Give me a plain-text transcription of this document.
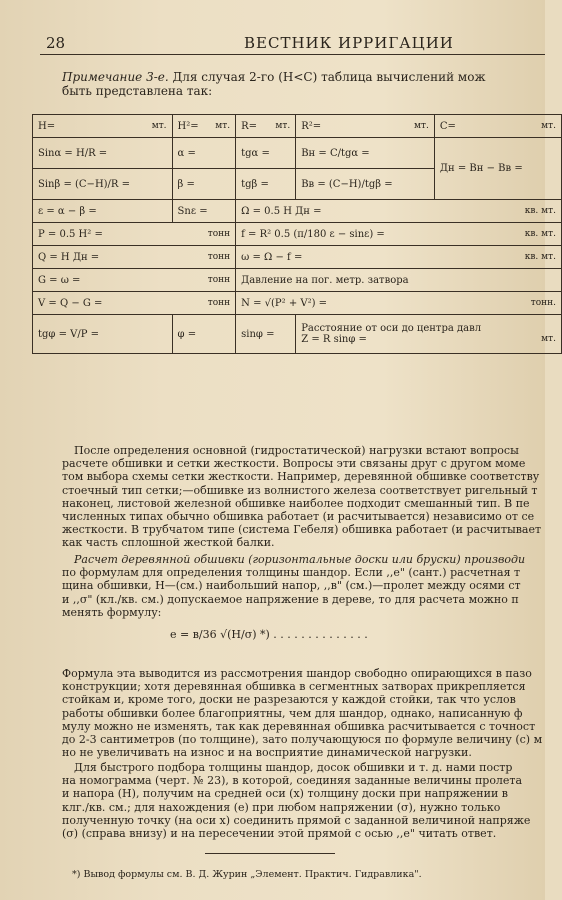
28	ВЕСТНИК ИРРИГАЦИИ
Примечание 3-е. Для случая 2-го (H<C) таблица вычислений мож
быть представлена так:
H= мт.	H²= мт.	R= мт.	R²= мт.	C= мт.

Sinα = H/R =	α =	tgα =	Bн = C/tgα =	Дн = Вн − Вв =
Sinβ = (C−H)/R =	β =	tgβ =	Bв = (C−H)/tgβ =	
ε = α − β =	Snε =	Ω = 0.5 H Дн = кв. мт.		

P = 0.5 H² = тонн		f = R² 0.5 (π/180 ε − sinε) = кв. мт.		

Q = H Дн = тонн		ω = Ω − f = кв. мт.		

G = ω = тонн		Давление на пог. метр. затвора		
V = Q − G = тонн		N = √(P² + V²) = тонн.		

tgφ = V/P =	φ =	sinφ =	Расстояние от оси до центра давл
Z = R sinφ = мт.	
После определения основной (гидростатической) нагрузки встают вопросы
расчете обшивки и сетки жесткости. Вопросы эти связаны друг с другом моме
том выбора схемы сетки жесткости. Например, деревянной обшивке соответству
стоечный тип сетки;—обшивке из волнистого железа соответствует ригельный т
наконец, листовой железной обшивке наиболее подходит смешанный тип. В пе
численных типах обычно обшивка работает (и расчитывается) независимо от се
жесткости. В трубчатом типе (система Гебеля) обшивка работает (и расчитывает
как часть сплошной жесткой балки.
Расчет деревянной обшивки (горизонтальные доски или бруски) производи
по формулам для определения толщины шандор. Если ,,e" (сант.) расчетная т
щина обшивки, H—(см.) наибольший напор, ,,в" (см.)—пролет между осями ст
и ,,σ" (кл./кв. см.) допускаемое напряжение в дереве, то для расчета можно п
менять формулу:
e = в/36 √(H/σ) *) . . . . . . . . . . . . . .
Формула эта выводится из рассмотрения шандор свободно опирающихся в пазо
конструкции; хотя деревянная обшивка в сегментных затворах прикрепляется
стойкам и, кроме того, доски не разрезаются у каждой стойки, так что услов
работы обшивки более благоприятны, чем для шандор, однако, написанную ф
мулу можно не изменять, так как деревянная обшивка расчитывается с точност
до 2-3 сантиметров (по толщине), зато получающуюся по формуле величину (с) м
но не увеличивать на износ и на восприятие динамической нагрузки.
Для быстрого подбора толщины шандор, досок обшивки и т. д. нами постр
на номограмма (черт. № 23), в которой, соединяя заданные величины пролета
и напора (H), получим на средней оси (x) толщину доски при напряжении в
клг./кв. см.; для нахождения (e) при любом напряжении (σ), нужно только
полученную точку (на оси x) соединить прямой с заданной величиной напряже
(σ) (справа внизу) и на пересечении этой прямой с осью ,,e" читать ответ.
*) Вывод формулы см. В. Д. Журин „Элемент. Практич. Гидравлика".
